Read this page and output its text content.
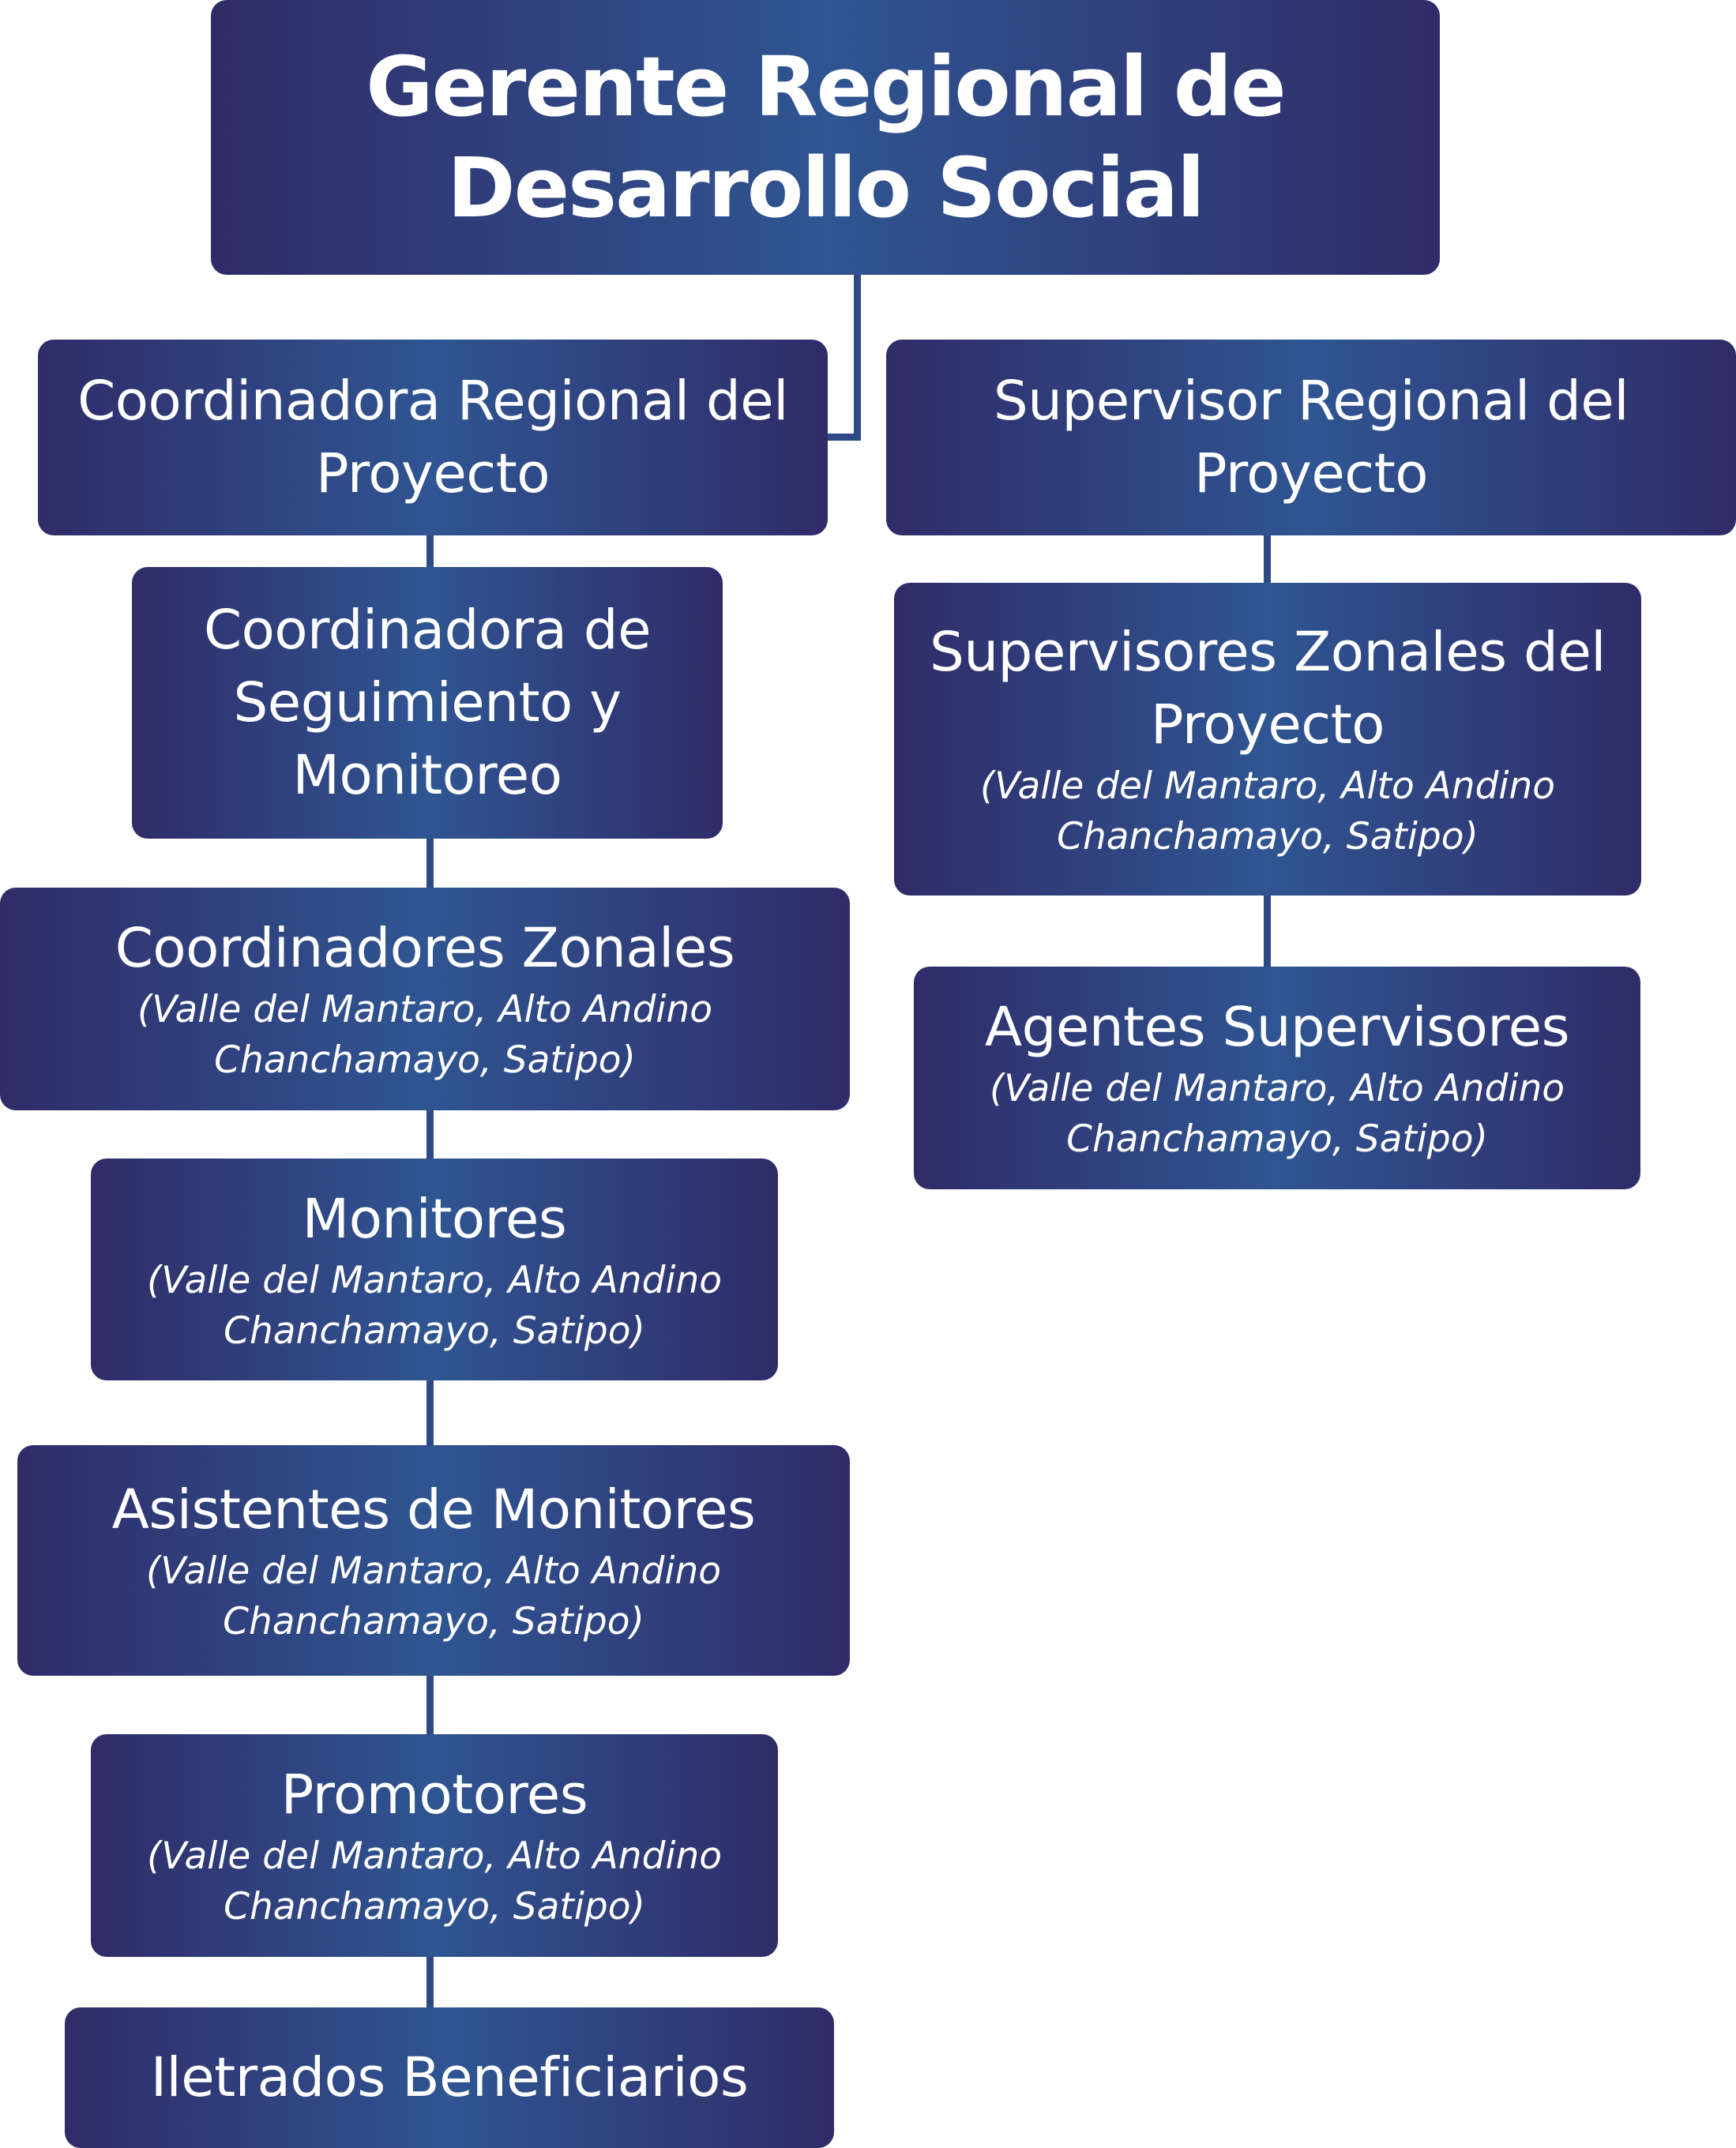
Gerente Regional de Desarrollo Social
Coordinadora Regional del Proyecto
Supervisor Regional del Proyecto
Coordinadora de Seguimiento y Monitoreo
Supervisores Zonales del Proyecto
(Valle del Mantaro, Alto Andino Chanchamayo, Satipo)
Coordinadores Zonales
(Valle del Mantaro, Alto Andino Chanchamayo, Satipo)
Agentes Supervisores
(Valle del Mantaro, Alto Andino Chanchamayo, Satipo)
Monitores
(Valle del Mantaro, Alto Andino Chanchamayo, Satipo)
Asistentes de Monitores
(Valle del Mantaro, Alto Andino Chanchamayo, Satipo)
Promotores
(Valle del Mantaro, Alto Andino Chanchamayo, Satipo)
Iletrados Beneficiarios
